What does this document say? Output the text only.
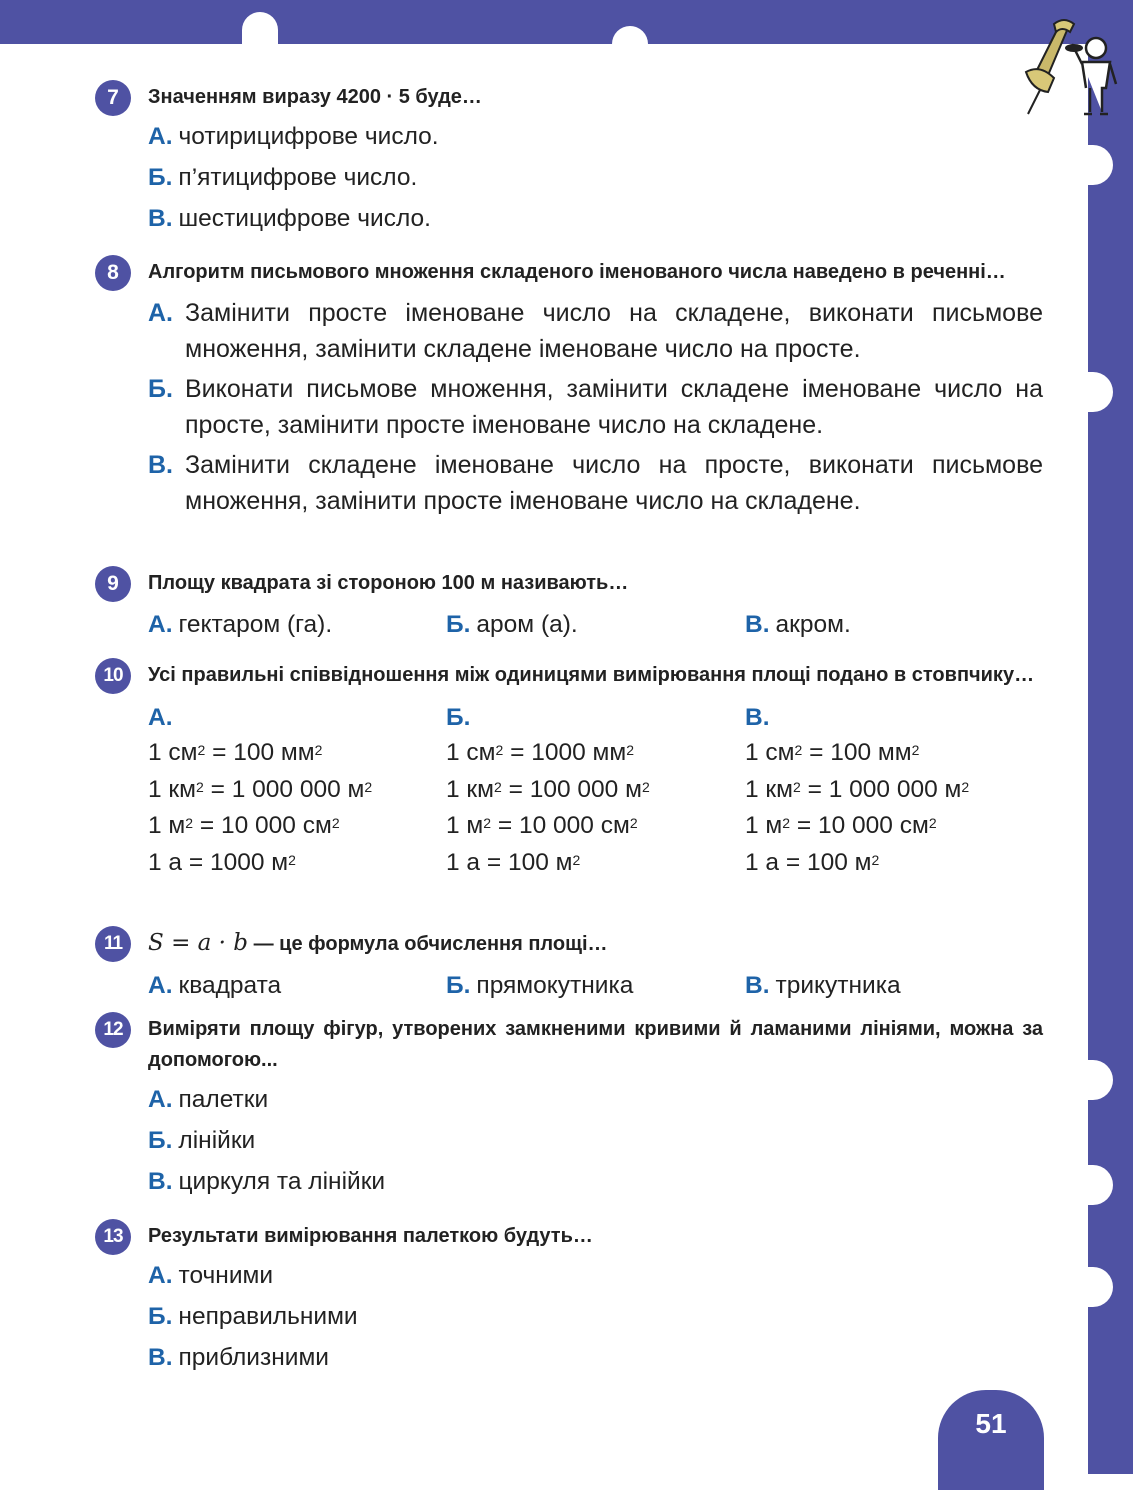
7	Значенням виразу 4200 · 5 буде…
А. чотирицифрове число.
Б. п’ятицифрове число.
В. шестицифрове число.
8	Алгоритм письмового множення складеного іменованого числа наведено в реченні…
А. Замінити просте іменоване число на складене, виконати письмове множення, замінити складене іменоване число на просте.
Б. Виконати письмове множення, замінити складене іменоване число на просте, замінити просте іменоване число на складене.
В. Замінити складене іменоване число на просте, виконати письмове множення, замінити просте іменоване число на складене.
9	Площу квадрата зі стороною 100 м називають…
А. гектаром (га).	Б. аром (а).	В. акром.
10	Усі правильні співвідношення між одиницями вимірювання площі подано в стовпчику…
А.
1 $см^2 = 100$ $мм^2$
1 $км^2 = 1$ 000 000 $м^2$
1 $м^2 = 10$ 000 $см^2$
1 а = 1000 $м^2$
Б.
1 $см^2 = 1000$ $мм^2$
1 $км^2 = 100$ 000 $м^2$
1 $м^2 = 10$ 000 $см^2$
1 а = 100 $м^2$
В.
1 $см^2 = 100$ $мм^2$
1 $км^2 = 1$ 000 000 $м^2$
1 $м^2 = 10$ 000 $см^2$
1 а = 100 $м^2$
11	S = a · b — це формула обчислення площі…
А. квадрата	Б. прямокутника	В. трикутника
12	Виміряти площу фігур, утворених замкненими кривими й ламаними лініями, можна за допомогою...
А. палетки
Б. лінійки
В. циркуля та лінійки
13	Результати вимірювання палеткою будуть…
А. точними
Б. неправильними
В. приблизними
51
